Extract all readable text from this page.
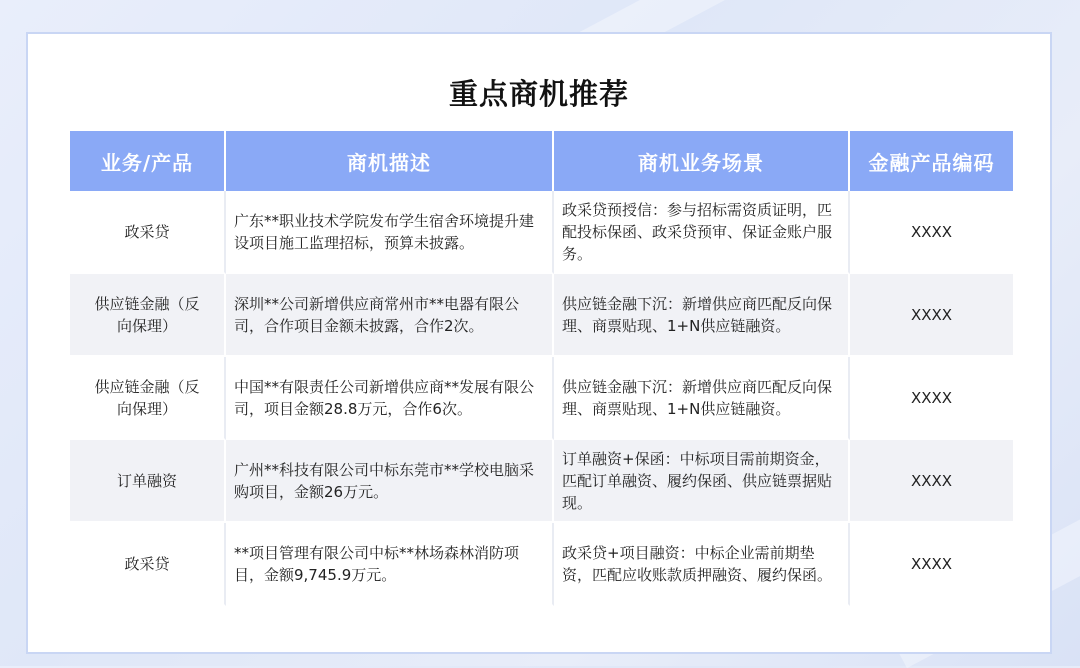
重点商机推荐
业务/产品	商机描述	商机业务场景	金融产品编码
政采贷	广东**职业技术学院发布学生宿舍环境提升建设项目施工监理招标，预算未披露。	政采贷预授信：参与招标需资质证明，匹配投标保函、政采贷预审、保证金账户服务。	XXXX
供应链金融（反向保理）	深圳**公司新增供应商常州市**电器有限公司，合作项目金额未披露，合作2次。	供应链金融下沉：新增供应商匹配反向保理、商票贴现、1+N供应链融资。	XXXX
供应链金融（反向保理）	中国**有限责任公司新增供应商**发展有限公司，项目金额28.8万元，合作6次。	供应链金融下沉：新增供应商匹配反向保理、商票贴现、1+N供应链融资。	XXXX
订单融资	广州**科技有限公司中标东莞市**学校电脑采购项目，金额26万元。	订单融资+保函：中标项目需前期资金，匹配订单融资、履约保函、供应链票据贴现。	XXXX
政采贷	**项目管理有限公司中标**林场森林消防项目，金额9,745.9万元。	政采贷+项目融资：中标企业需前期垫资，匹配应收账款质押融资、履约保函。	XXXX
